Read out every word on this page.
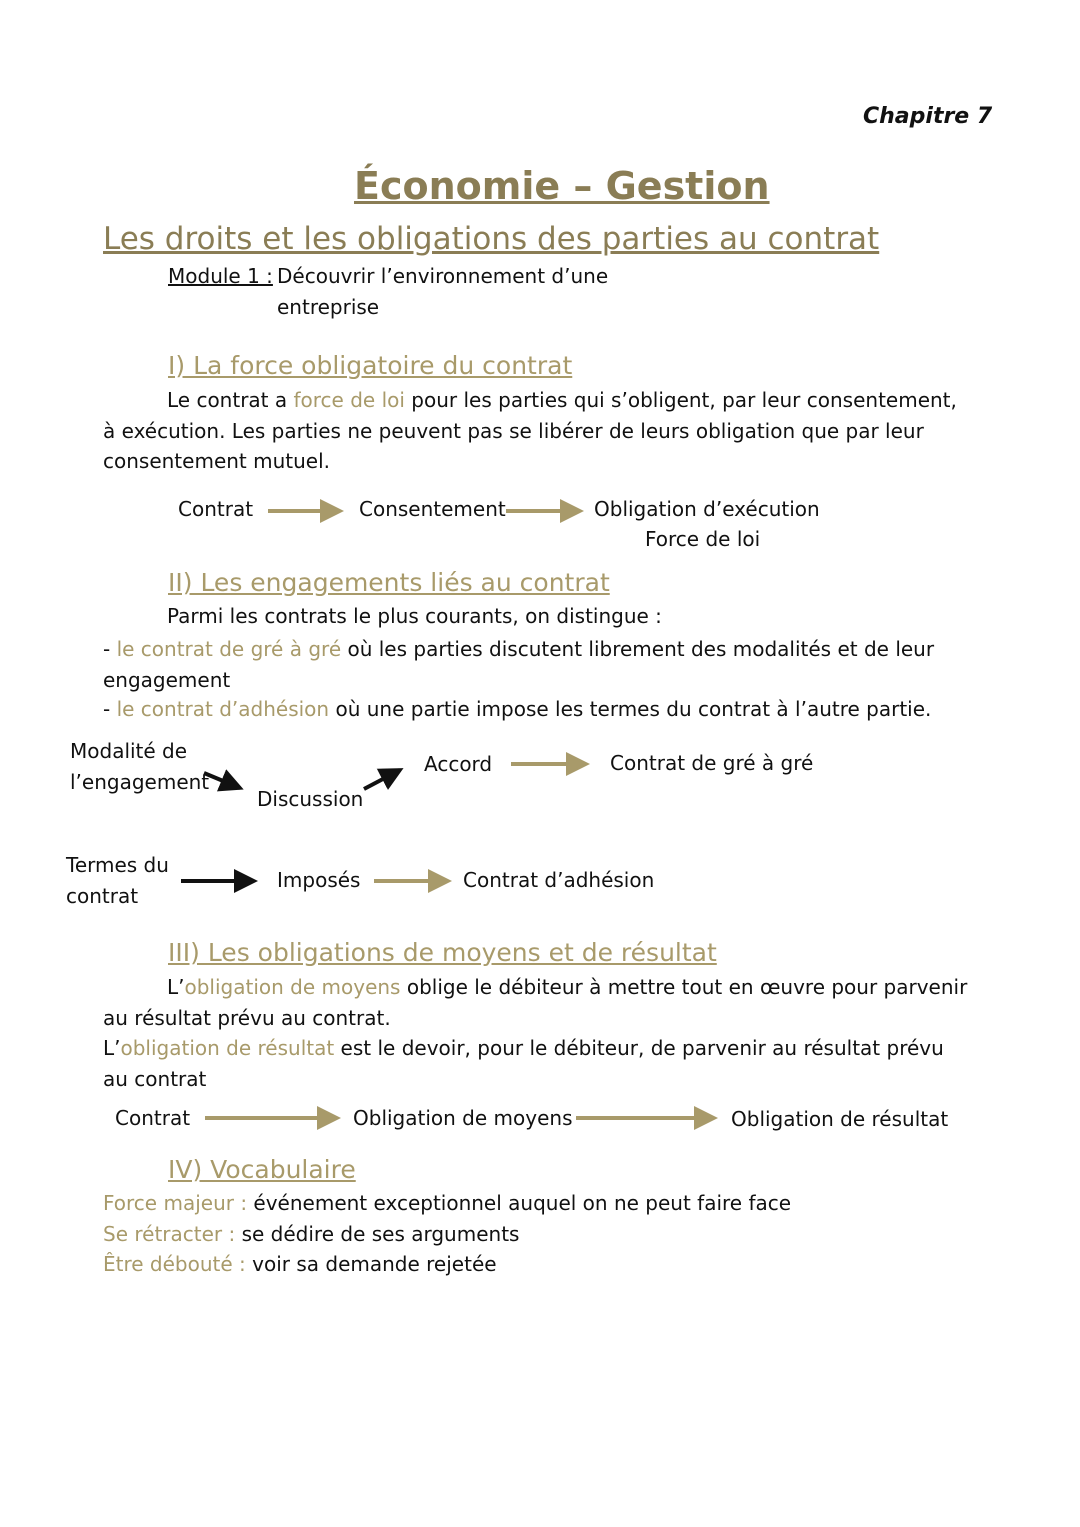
Chapitre 7
Économie – Gestion
Les droits et les obligations des parties au contrat
Module 1 : Découvrir l’environnement d’une
entreprise
I) La force obligatoire du contrat
Le contrat a force de loi pour les parties qui s’obligent, par leur consentement, à exécution. Les parties ne peuvent pas se libérer de leurs obligation que par leur consentement mutuel.
Contrat	Consentement	Obligation d’exécution
Force de loi
II) Les engagements liés au contrat
Parmi les contrats le plus courants, on distingue :
- le contrat de gré à gré où les parties discutent librement des modalités et de leur engagement
- le contrat d’adhésion où une partie impose les termes du contrat à l’autre partie.
Modalité de
l’engagement
Discussion
Accord	Contrat de gré à gré
Termes du
contrat
Imposés	Contrat d’adhésion
III) Les obligations de moyens et de résultat
L’obligation de moyens oblige le débiteur à mettre tout en œuvre pour parvenir au résultat prévu au contrat.
L’obligation de résultat est le devoir, pour le débiteur, de parvenir au résultat prévu au contrat
Contrat	Obligation de moyens	Obligation de résultat
IV) Vocabulaire
Force majeur : événement exceptionnel auquel on ne peut faire face
Se rétracter : se dédire de ses arguments
Être débouté : voir sa demande rejetée
